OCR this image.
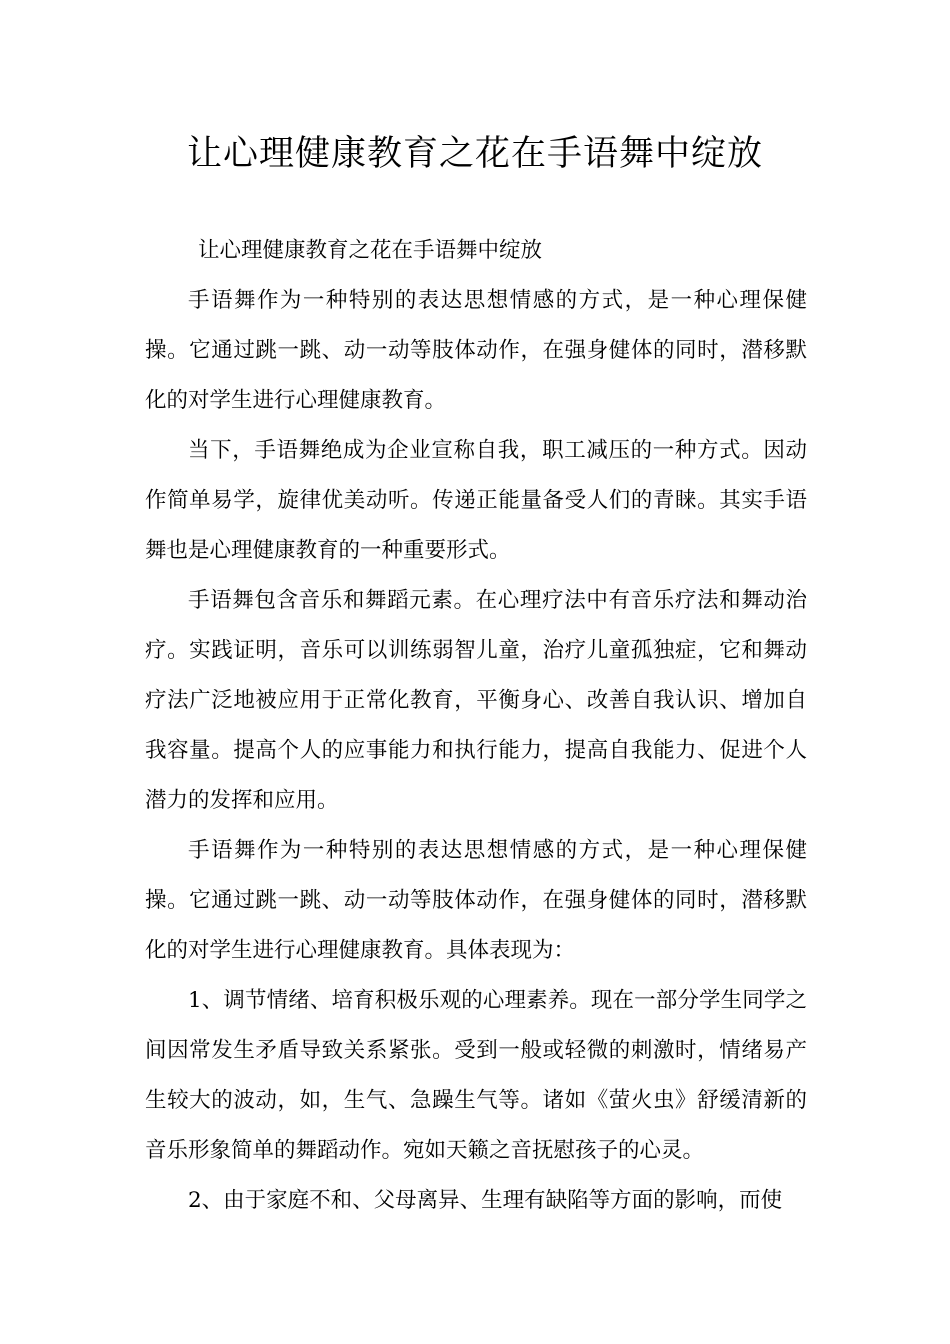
让心理健康教育之花在手语舞中绽放

让心理健康教育之花在手语舞中绽放

手语舞作为一种特别的表达思想情感的方式，是一种心理保健操。它通过跳一跳、动一动等肢体动作，在强身健体的同时，潜移默化的对学生进行心理健康教育。

当下，手语舞绝成为企业宣称自我，职工减压的一种方式。因动作简单易学，旋律优美动听。传递正能量备受人们的青睐。其实手语舞也是心理健康教育的一种重要形式。

手语舞包含音乐和舞蹈元素。在心理疗法中有音乐疗法和舞动治疗。实践证明，音乐可以训练弱智儿童，治疗儿童孤独症，它和舞动疗法广泛地被应用于正常化教育，平衡身心、改善自我认识、增加自我容量。提高个人的应事能力和执行能力，提高自我能力、促进个人潜力的发挥和应用。

手语舞作为一种特别的表达思想情感的方式，是一种心理保健操。它通过跳一跳、动一动等肢体动作，在强身健体的同时，潜移默化的对学生进行心理健康教育。具体表现为：

1、调节情绪、培育积极乐观的心理素养。现在一部分学生同学之间因常发生矛盾导致关系紧张。受到一般或轻微的刺激时，情绪易产生较大的波动，如，生气、急躁生气等。诸如《萤火虫》舒缓清新的音乐形象简单的舞蹈动作。宛如天籁之音抚慰孩子的心灵。

2、由于家庭不和、父母离异、生理有缺陷等方面的影响，而使
